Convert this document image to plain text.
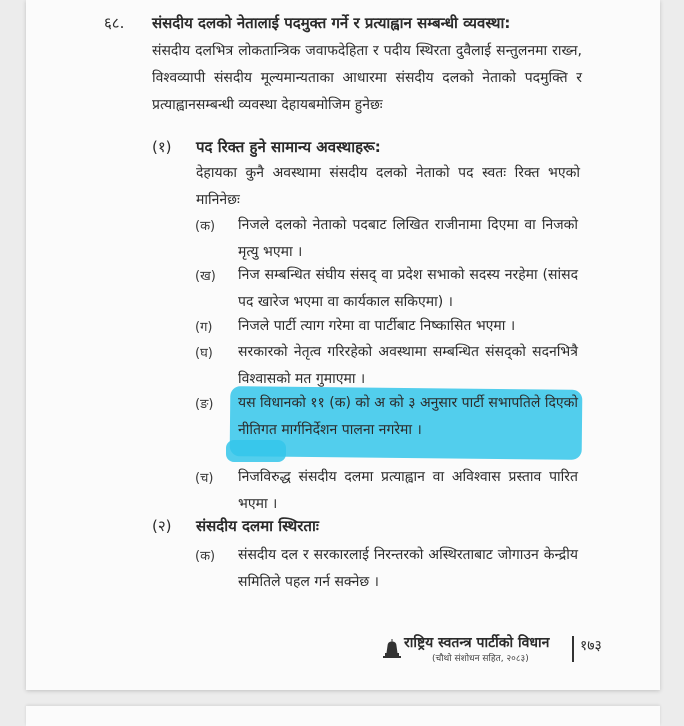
६८. संसदीय दलको नेतालाई पदमुक्त गर्ने र प्रत्याह्वान सम्बन्धी व्यवस्था:
संसदीय दलभित्र लोकतान्त्रिक जवाफदेहिता र पदीय स्थिरता दुवैलाई सन्तुलनमा राख्न, विश्वव्यापी संसदीय मूल्यमान्यताका आधारमा संसदीय दलको नेताको पदमुक्ति र प्रत्याह्वानसम्बन्धी व्यवस्था देहायबमोजिम हुनेछः
(१) पद रिक्त हुने सामान्य अवस्थाहरू:
देहायका कुनै अवस्थामा संसदीय दलको नेताको पद स्वतः रिक्त भएको मानिनेछः
(क) निजले दलको नेताको पदबाट लिखित राजीनामा दिएमा वा निजको मृत्यु भएमा ।
(ख) निज सम्बन्धित संघीय संसद् वा प्रदेश सभाको सदस्य नरहेमा (सांसद पद खारेज भएमा वा कार्यकाल सकिएमा) ।
(ग) निजले पार्टी त्याग गरेमा वा पार्टीबाट निष्कासित भएमा ।
(घ) सरकारको नेतृत्व गरिरहेको अवस्थामा सम्बन्धित संसद्को सदनभित्रै विश्वासको मत गुमाएमा ।
(ङ) यस विधानको ११ (क) को अ को ३ अनुसार पार्टी सभापतिले दिएको नीतिगत मार्गनिर्देशन पालना नगरेमा ।
(च) निजविरुद्ध संसदीय दलमा प्रत्याह्वान वा अविश्वास प्रस्ताव पारित भएमा ।
(२) संसदीय दलमा स्थिरताः
(क) संसदीय दल र सरकारलाई निरन्तरको अस्थिरताबाट जोगाउन केन्द्रीय समितिले पहल गर्न सक्नेछ ।
राष्ट्रिय स्वतन्त्र पार्टीको विधान
(चौथो संशोधन सहित, २०८३)
१७३
